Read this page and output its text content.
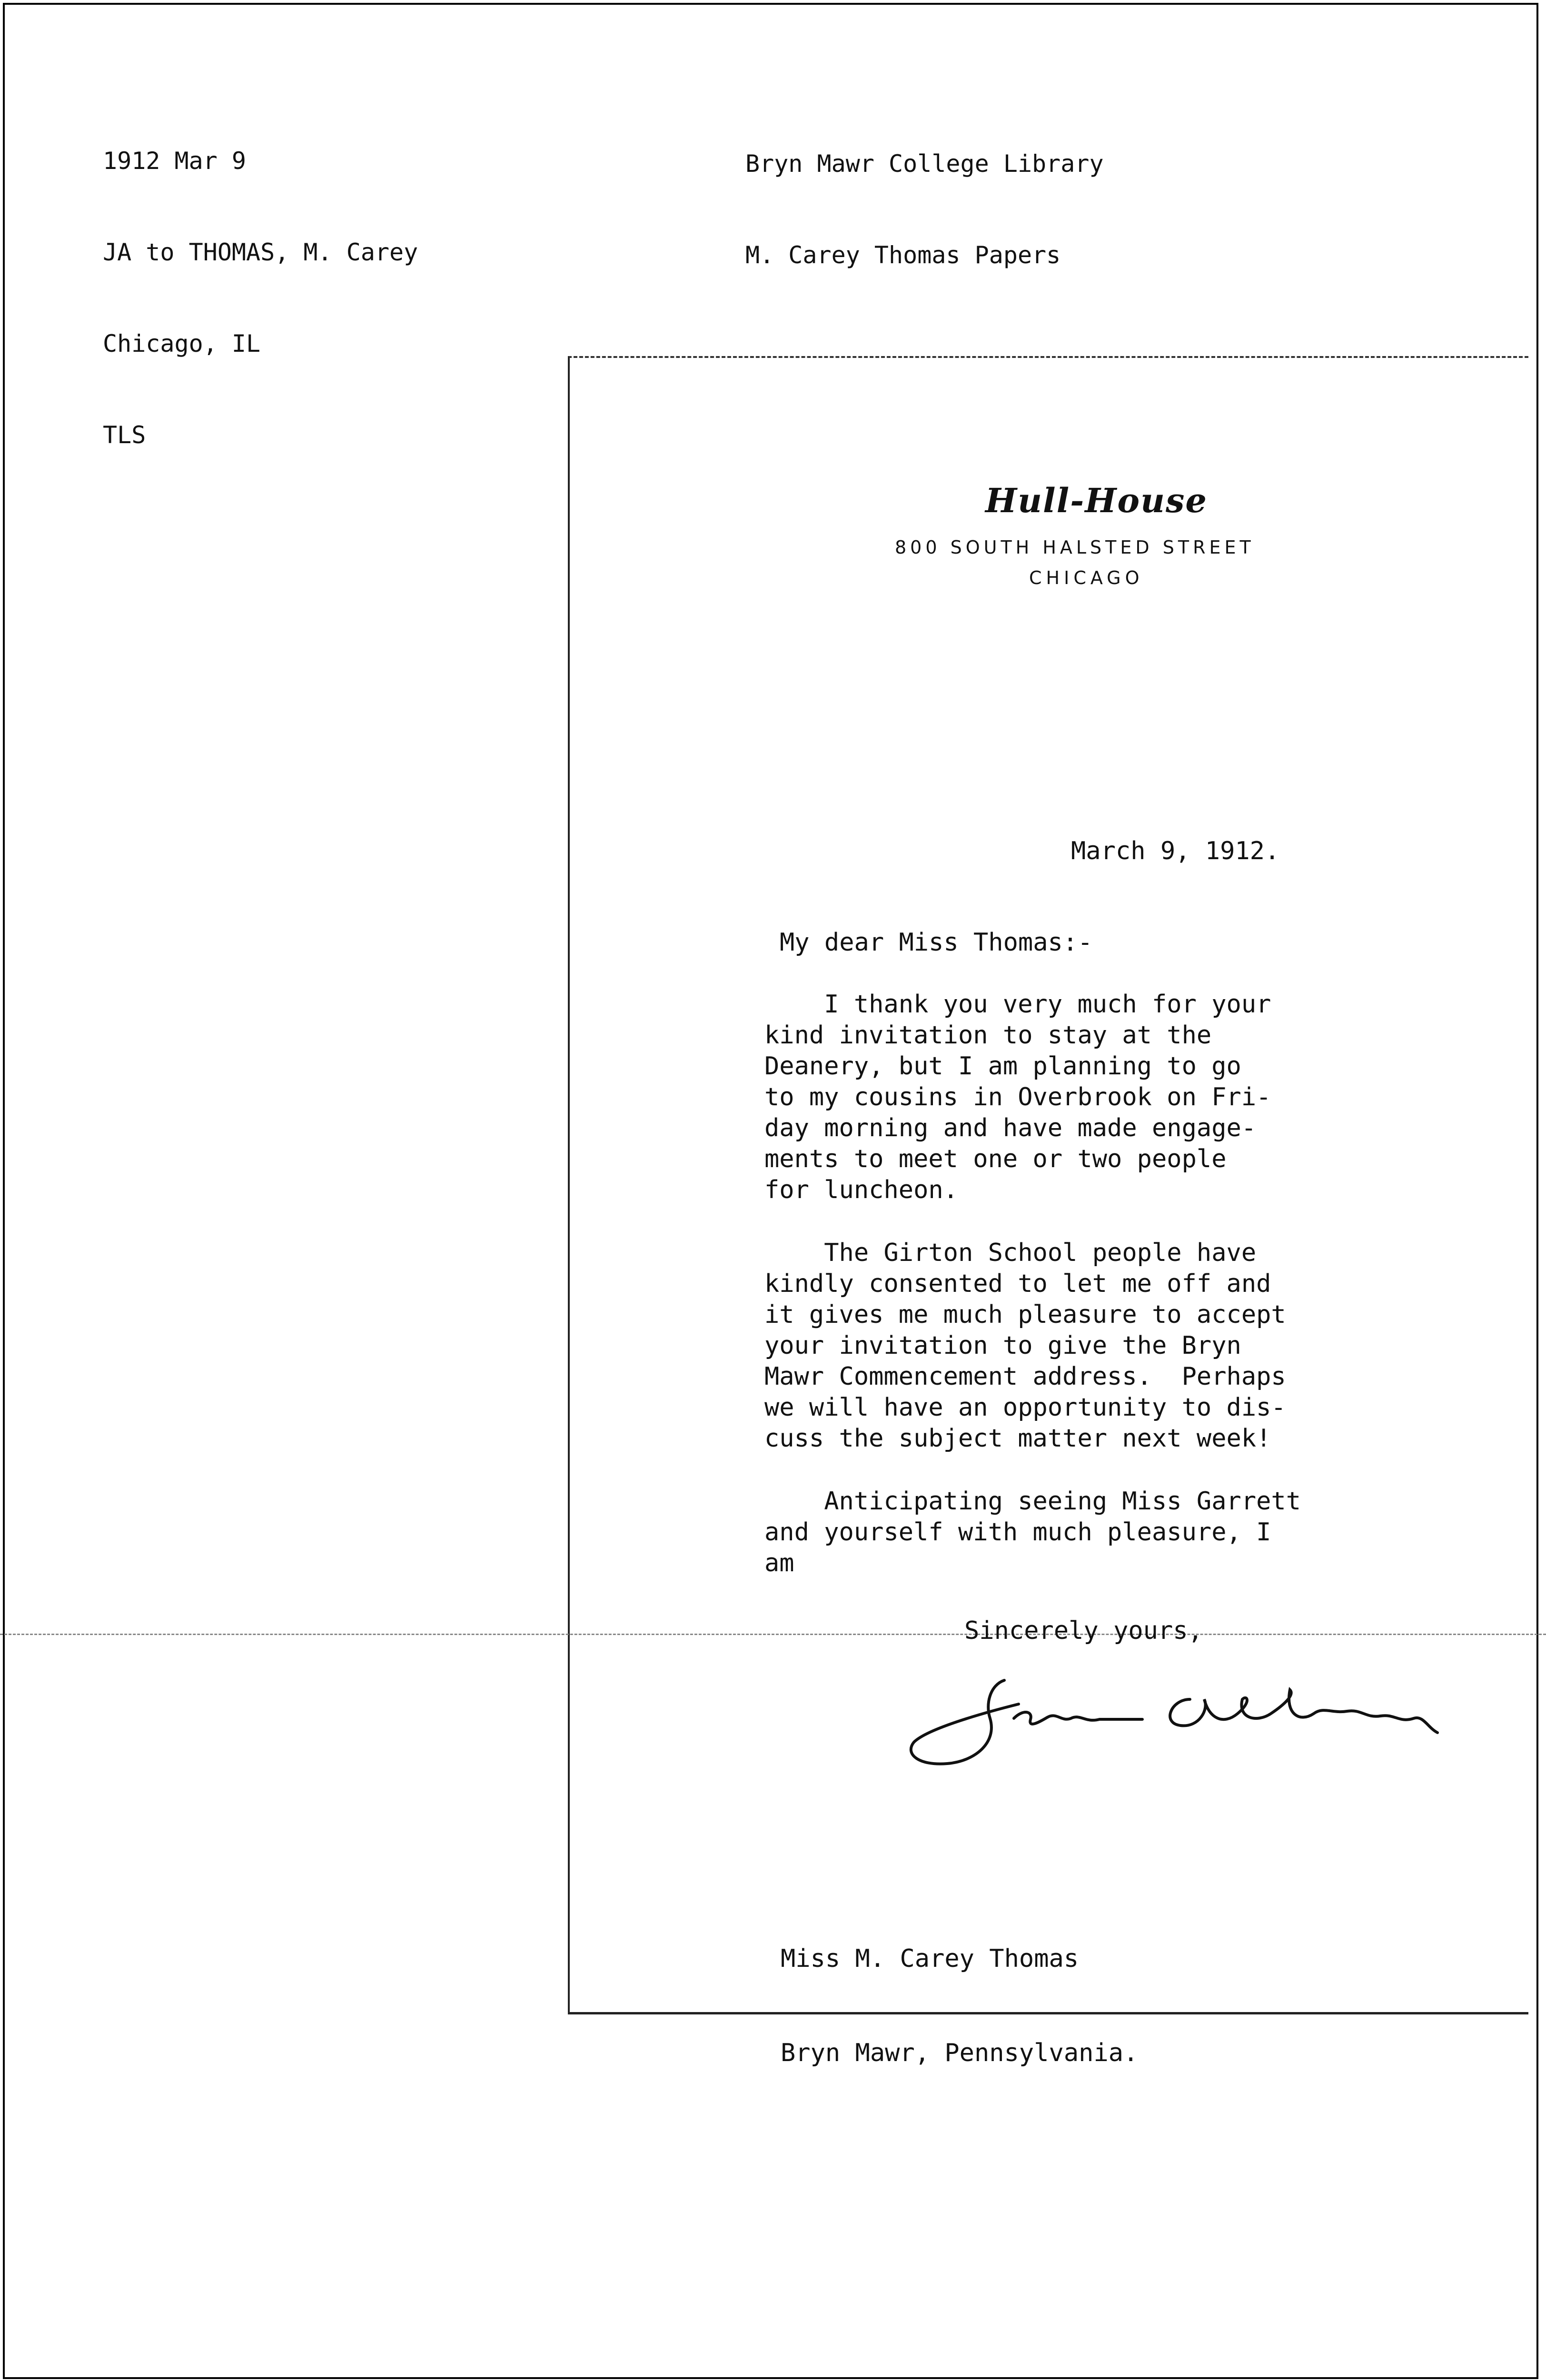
1912 Mar 9

JA to THOMAS, M. Carey

Chicago, IL

TLS

Bryn Mawr College Library

M. Carey Thomas Papers

Hull-House
800 SOUTH HALSTED STREET
CHICAGO
March 9, 1912.
My dear Miss Thomas:-
I thank you very much for your
kind invitation to stay at the
Deanery, but I am planning to go
to my cousins in Overbrook on Fri-
day morning and have made engage-
ments to meet one or two people
for luncheon.
The Girton School people have
kindly consented to let me off and
it gives me much pleasure to accept
your invitation to give the Bryn
Mawr Commencement address.  Perhaps
we will have an opportunity to dis-
cuss the subject matter next week!
Anticipating seeing Miss Garrett
and yourself with much pleasure, I
am
Sincerely yours,

Miss M. Carey Thomas

Bryn Mawr, Pennsylvania.
